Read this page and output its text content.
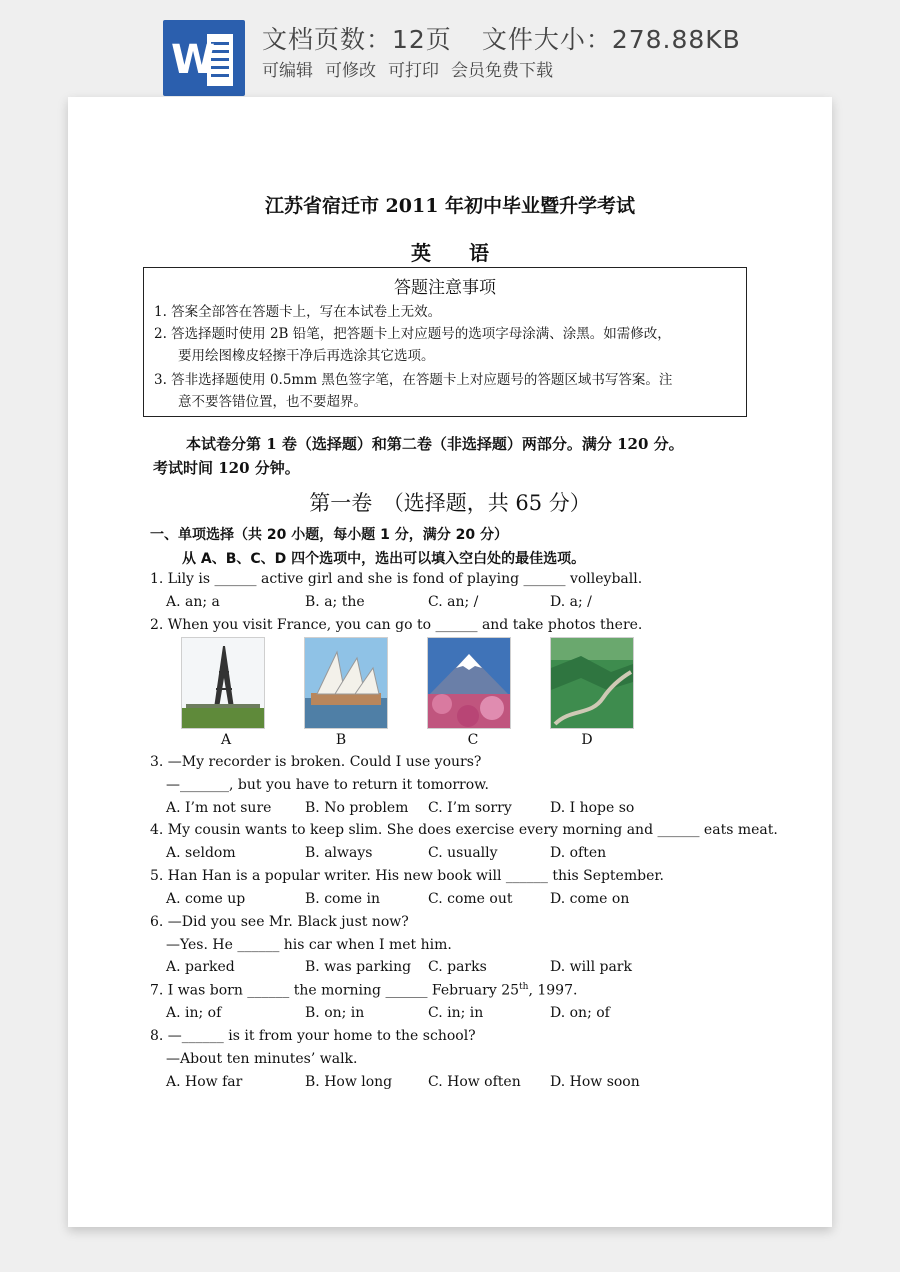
W 文档页数：12页 文件大小：278.88KB
可编辑 可修改 可打印 会员免费下载
江苏省宿迁市 2011 年初中毕业暨升学考试
英语
答题注意事项
1. 答案全部答在答题卡上，写在本试卷上无效。
2. 答选择题时使用 2B 铅笔，把答题卡上对应题号的选项字母涂满、涂黑。如需修改，
要用绘图橡皮轻擦干净后再选涂其它选项。
3. 答非选择题使用 0.5mm 黑色签字笔，在答题卡上对应题号的答题区域书写答案。注
意不要答错位置，也不要超界。
本试卷分第 1 卷（选择题）和第二卷（非选择题）两部分。满分 120 分。
考试时间 120 分钟。
第一卷　（选择题，共 65 分）
一、单项选择（共 20 小题，每小题 1 分，满分 20 分）
从 A、B、C、D 四个选项中，选出可以填入空白处的最佳选项。
1. Lily is ______ active girl and she is fond of playing ______ volleyball.
A. an; a	B. a; the	C. an; /	D. a; /
2. When you visit France, you can go to ______ and take photos there.
A	B	C	D
3. —My recorder is broken. Could I use yours?
—_______, but you have to return it tomorrow.
A. I’m not sure B. No problem C. I’m sorry	D. I hope so
4. My cousin wants to keep slim. She does exercise every morning and ______ eats meat.
A. seldom	B. always	C. usually	D. often
5. Han Han is a popular writer. His new book will ______ this September.
A. come up	B. come in	C. come out	D. come on
6. —Did you see Mr. Black just now?
—Yes. He ______ his car when I met him.
A. parked	B. was parking C. parks	D. will park
7. I was born ______ the morning ______ February 25th, 1997.
A. in; of	B. on; in	C. in; in	D. on; of
8. —______ is it from your home to the school?
—About ten minutes’ walk.
A. How far	B. How long	C. How often D. How soon
